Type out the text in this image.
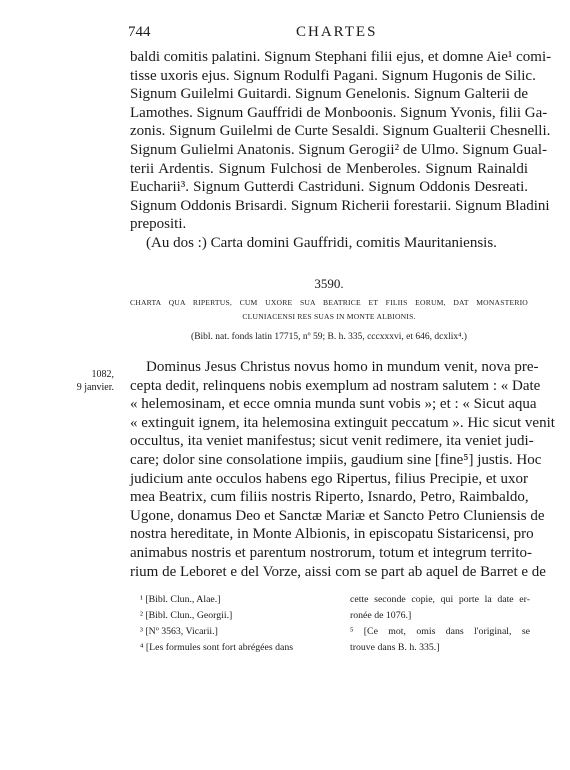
744	CHARTES
baldi comitis palatini. Signum Stephani filii ejus, et domne Aie¹ comi-
tisse uxoris ejus. Signum Rodulfi Pagani. Signum Hugonis de Silic.
Signum Guilelmi Guitardi. Signum Genelonis. Signum Galterii de
Lamothes. Signum Gauffridi de Monboonis. Signum Yvonis, filii Ga-
zonis. Signum Guilelmi de Curte Sesaldi. Signum Gualterii Chesnelli.
Signum Gulielmi Anatonis. Signum Gerogii² de Ulmo. Signum Gual-
terii Ardentis. Signum Fulchosi de Menberoles. Signum Rainaldi
Eucharii³. Signum Gutterdi Castriduni. Signum Oddonis Desreati.
Signum Oddonis Brisardi. Signum Richerii forestarii. Signum Bladini
prepositi.
(Au dos :) Carta domini Gauffridi, comitis Mauritaniensis.
3590.
CHARTA QUA RIPERTUS, CUM UXORE SUA BEATRICE ET FILIIS EORUM, DAT MONASTERIO
CLUNIACENSI RES SUAS IN MONTE ALBIONIS.
(Bibl. nat. fonds latin 17715, nº 59; B. h. 335, cccxxxvi, et 646, dcxlix⁴.)
1082,
9 janvier.
Dominus Jesus Christus novus homo in mundum venit, nova pre-
cepta dedit, relinquens nobis exemplum ad nostram salutem : « Date
« helemosinam, et ecce omnia munda sunt vobis »; et : « Sicut aqua
« extinguit ignem, ita helemosina extinguit peccatum ». Hic sicut venit
occultus, ita veniet manifestus; sicut venit redimere, ita veniet judi-
care; dolor sine consolatione impiis, gaudium sine [fine⁵] justis. Hoc
judicium ante occulos habens ego Ripertus, filius Precipie, et uxor
mea Beatrix, cum filiis nostris Riperto, Isnardo, Petro, Raimbaldo,
Ugone, donamus Deo et Sanctæ Mariæ et Sancto Petro Cluniensis de
nostra hereditate, in Monte Albionis, in episcopatu Sistaricensi, pro
animabus nostris et parentum nostrorum, totum et integrum territo-
rium de Leboret e del Vorze, aissi com se part ab aquel de Barret e de
¹ [Bibl. Clun., Alae.]
² [Bibl. Clun., Georgii.]
³ [Nº 3563, Vicarii.]
⁴ [Les formules sont fort abrégées dans
cette seconde copie, qui porte la date er-
ronée de 1076.]
⁵ [Ce mot, omis dans l'original, se
trouve dans B. h. 335.]
